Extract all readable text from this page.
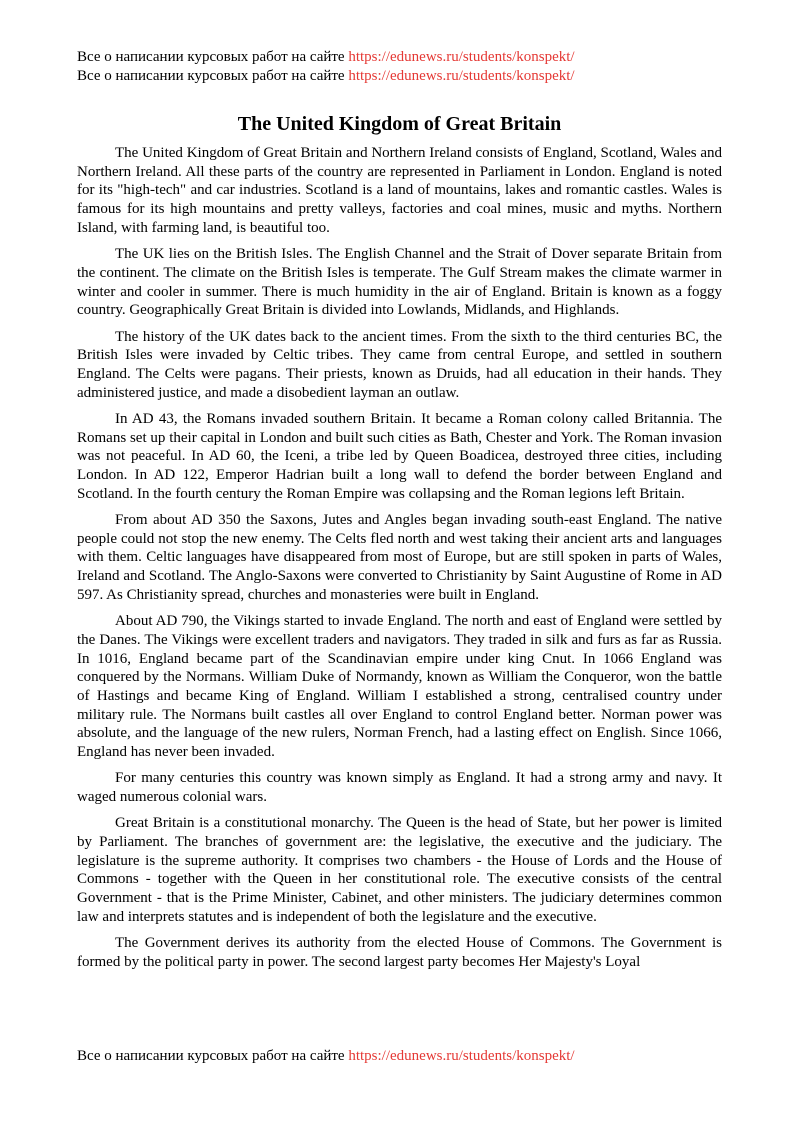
Все о написании курсовых работ на сайте https://edunews.ru/students/konspekt/
Все о написании курсовых работ на сайте https://edunews.ru/students/konspekt/
The United Kingdom of Great Britain

The United Kingdom of Great Britain and Northern Ireland consists of England, Scotland, Wales and Northern Ireland. All these parts of the country are represented in Parliament in London. England is noted for its "high-tech" and car industries. Scotland is a land of mountains, lakes and romantic castles. Wales is famous for its high mountains and pretty valleys, factories and coal mines, music and myths. Northern Island, with farming land, is beautiful too.

The UK lies on the British Isles. The English Channel and the Strait of Dover separate Britain from the continent. The climate on the British Isles is temperate. The Gulf Stream makes the climate warmer in winter and cooler in summer. There is much humidity in the air of England. Britain is known as a foggy country. Geographically Great Britain is divided into Lowlands, Midlands, and Highlands.

The history of the UK dates back to the ancient times. From the sixth to the third centuries BC, the British Isles were invaded by Celtic tribes. They came from central Europe, and settled in southern England. The Celts were pagans. Their priests, known as Druids, had all education in their hands. They administered justice, and made a disobedient layman an outlaw.

In AD 43, the Romans invaded southern Britain. It became a Roman colony called Britannia. The Romans set up their capital in London and built such cities as Bath, Chester and York. The Roman invasion was not peaceful. In AD 60, the Iceni, a tribe led by Queen Boadicea, destroyed three cities, including London. In AD 122, Emperor Hadrian built a long wall to defend the border between England and Scotland. In the fourth century the Roman Empire was collapsing and the Roman legions left Britain.

From about AD 350 the Saxons, Jutes and Angles began invading south-east England. The native people could not stop the new enemy. The Celts fled north and west taking their ancient arts and languages with them. Celtic languages have disappeared from most of Europe, but are still spoken in parts of Wales, Ireland and Scotland. The Anglo-Saxons were converted to Christianity by Saint Augustine of Rome in AD 597. As Christianity spread, churches and monasteries were built in England.

About AD 790, the Vikings started to invade England. The north and east of England were settled by the Danes. The Vikings were excellent traders and navigators. They traded in silk and furs as far as Russia. In 1016, England became part of the Scandinavian empire under king Cnut. In 1066 England was conquered by the Normans. William Duke of Normandy, known as William the Conqueror, won the battle of Hastings and became King of England. William I established a strong, centralised country under military rule. The Normans built castles all over England to control England better. Norman power was absolute, and the language of the new rulers, Norman French, had a lasting effect on English. Since 1066, England has never been invaded.

For many centuries this country was known simply as England. It had a strong army and navy. It waged numerous colonial wars.

Great Britain is a constitutional monarchy. The Queen is the head of State, but her power is limited by Parliament. The branches of government are: the legislative, the executive and the judiciary. The legislature is the supreme authority. It comprises two chambers - the House of Lords and the House of Commons - together with the Queen in her constitutional role. The executive consists of the central Government - that is the Prime Minister, Cabinet, and other ministers. The judiciary determines common law and interprets statutes and is independent of both the legislature and the executive.

The Government derives its authority from the elected House of Commons. The Government is formed by the political party in power. The second largest party becomes Her Majesty's Loyal

Все о написании курсовых работ на сайте https://edunews.ru/students/konspekt/
